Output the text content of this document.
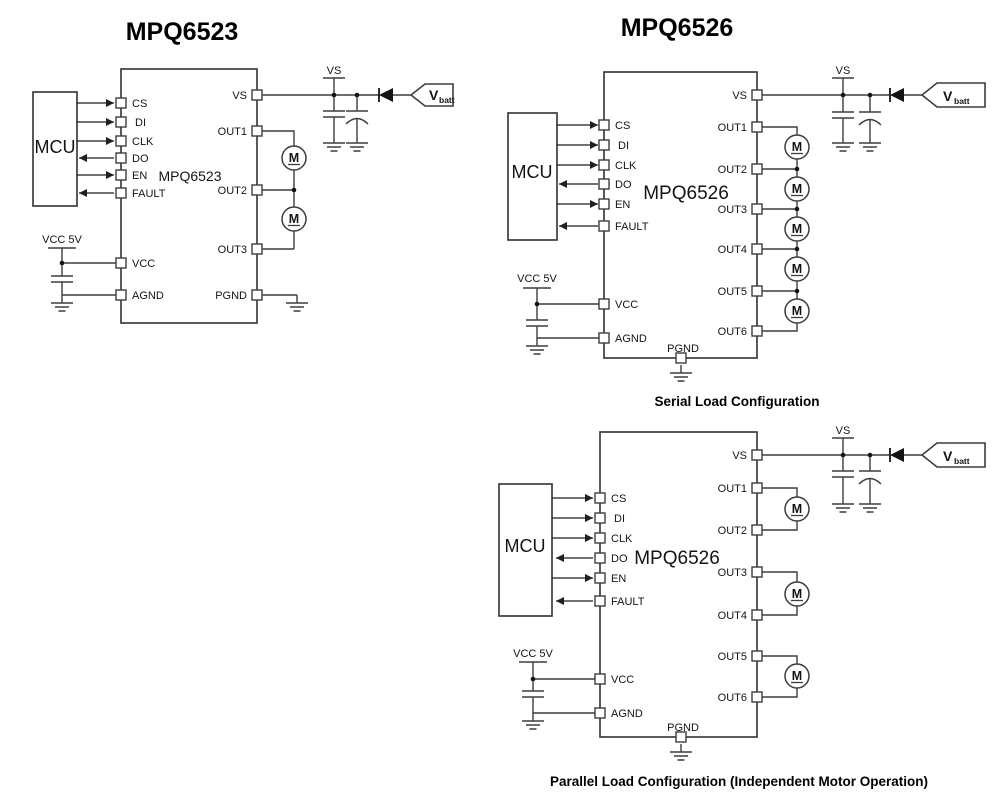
MPQ6523
MCU
MPQ6523
CS
DI
CLK
DO
EN
FAULT
VCC
AGND
VCC 5V
VS
OUT1
OUT2
OUT3
PGND
VS
V batt
M
M
MPQ6526
MCU
MPQ6526
CS
DI
CLK
DO
EN
FAULT
VCC
AGND
VCC 5V
VS
OUT1
OUT2
OUT3
OUT4
OUT5
OUT6
PGND
VS
V batt
M
M
M
M
M
Serial Load Configuration
MCU
MPQ6526
CS
DI
CLK
DO
EN
FAULT
VCC
AGND
VCC 5V
VS
OUT1
OUT2
OUT3
OUT4
OUT5
OUT6
PGND
VS
V batt
M
M
M
Parallel Load Configuration (Independent Motor Operation)
